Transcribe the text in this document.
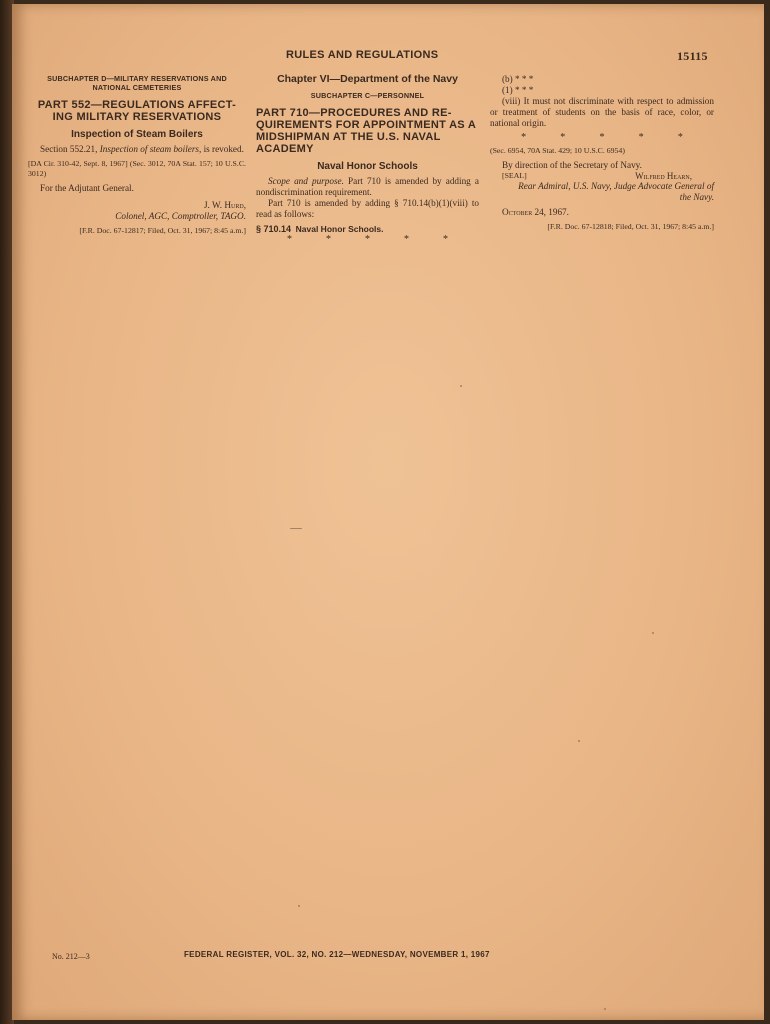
RULES AND REGULATIONS	15115
SUBCHAPTER D—MILITARY RESERVATIONS AND NATIONAL CEMETERIES
PART 552—REGULATIONS AFFECT-ING MILITARY RESERVATIONS
Inspection of Steam Boilers

Section 552.21, Inspection of steam boilers, is revoked.

[DA Cir. 310-42, Sept. 8, 1967] (Sec. 3012, 70A Stat. 157; 10 U.S.C. 3012)

For the Adjutant General.

J. W. Hurd,

Colonel, AGC, Comptroller, TAGO.

[F.R. Doc. 67-12817; Filed, Oct. 31, 1967; 8:45 a.m.]

Chapter VI—Department of the Navy
SUBCHAPTER C—PERSONNEL
PART 710—PROCEDURES AND RE-QUIREMENTS FOR APPOINTMENT AS A MIDSHIPMAN AT THE U.S. NAVAL ACADEMY
Naval Honor Schools

Scope and purpose. Part 710 is amended by adding a nondiscrimination requirement.

Part 710 is amended by adding § 710.14(b)(1)(viii) to read as follows:

§ 710.14 Naval Honor Schools.

*	*	*	*	*

(b) * * *

(1) * * *

(viii) It must not discriminate with respect to admission or treatment of students on the basis of race, color, or national origin.

*	*	*	*	*

(Sec. 6954, 70A Stat. 429; 10 U.S.C. 6954)

By direction of the Secretary of Navy.

[SEAL]	Wilfred Hearn,

Rear Admiral, U.S. Navy, Judge Advocate General of the Navy.

October 24, 1967.

[F.R. Doc. 67-12818; Filed, Oct. 31, 1967; 8:45 a.m.]

No. 212—3	FEDERAL REGISTER, VOL. 32, NO. 212—WEDNESDAY, NOVEMBER 1, 1967
